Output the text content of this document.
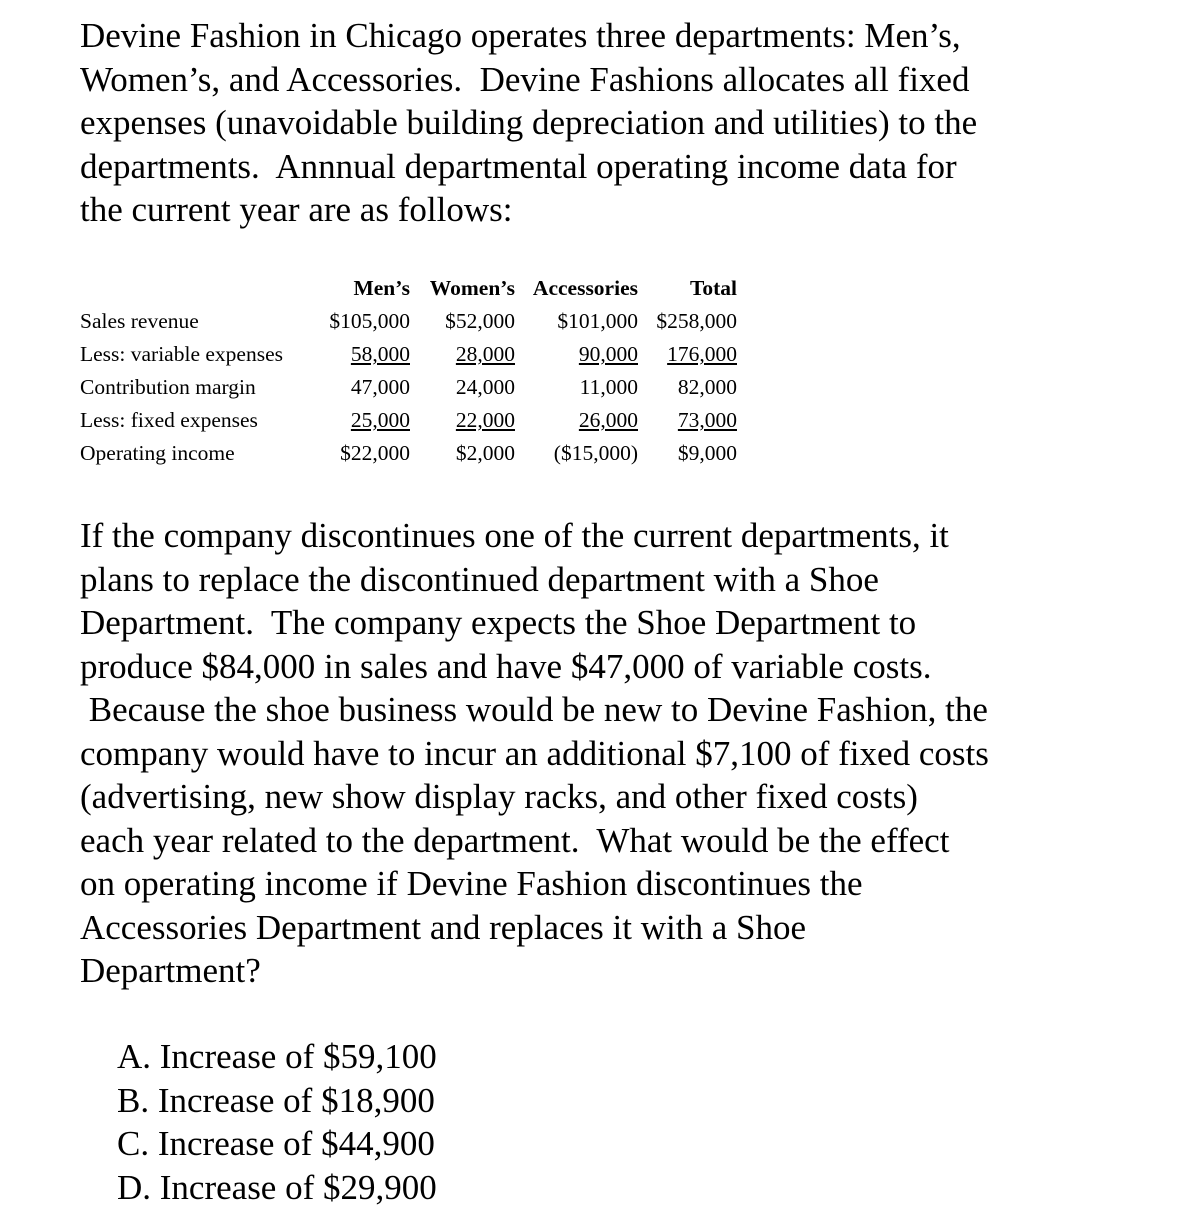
Devine Fashion in Chicago operates three departments: Men’s,
Women’s, and Accessories.  Devine Fashions allocates all fixed
expenses (unavoidable building depreciation and utilities) to the
departments.  Annnual departmental operating income data for
the current year are as follows:
Men’s Women’s Accessories Total
Sales revenue	$105,000 $52,000 $101,000 $258,000
Less: variable expenses	58,000 28,000	90,000 176,000
Contribution margin	47,000 24,000	11,000 82,000
Less: fixed expenses	25,000 22,000	26,000 73,000
Operating income	$22,000 $2,000 ($15,000) $9,000
If the company discontinues one of the current departments, it
plans to replace the discontinued department with a Shoe
Department.  The company expects the Shoe Department to
produce $84,000 in sales and have $47,000 of variable costs.
Because the shoe business would be new to Devine Fashion, the
company would have to incur an additional $7,100 of fixed costs
(advertising, new show display racks, and other fixed costs)
each year related to the department.  What would be the effect
on operating income if Devine Fashion discontinues the
Accessories Department and replaces it with a Shoe
Department?
A. Increase of $59,100
B. Increase of $18,900
C. Increase of $44,900
D. Increase of $29,900
